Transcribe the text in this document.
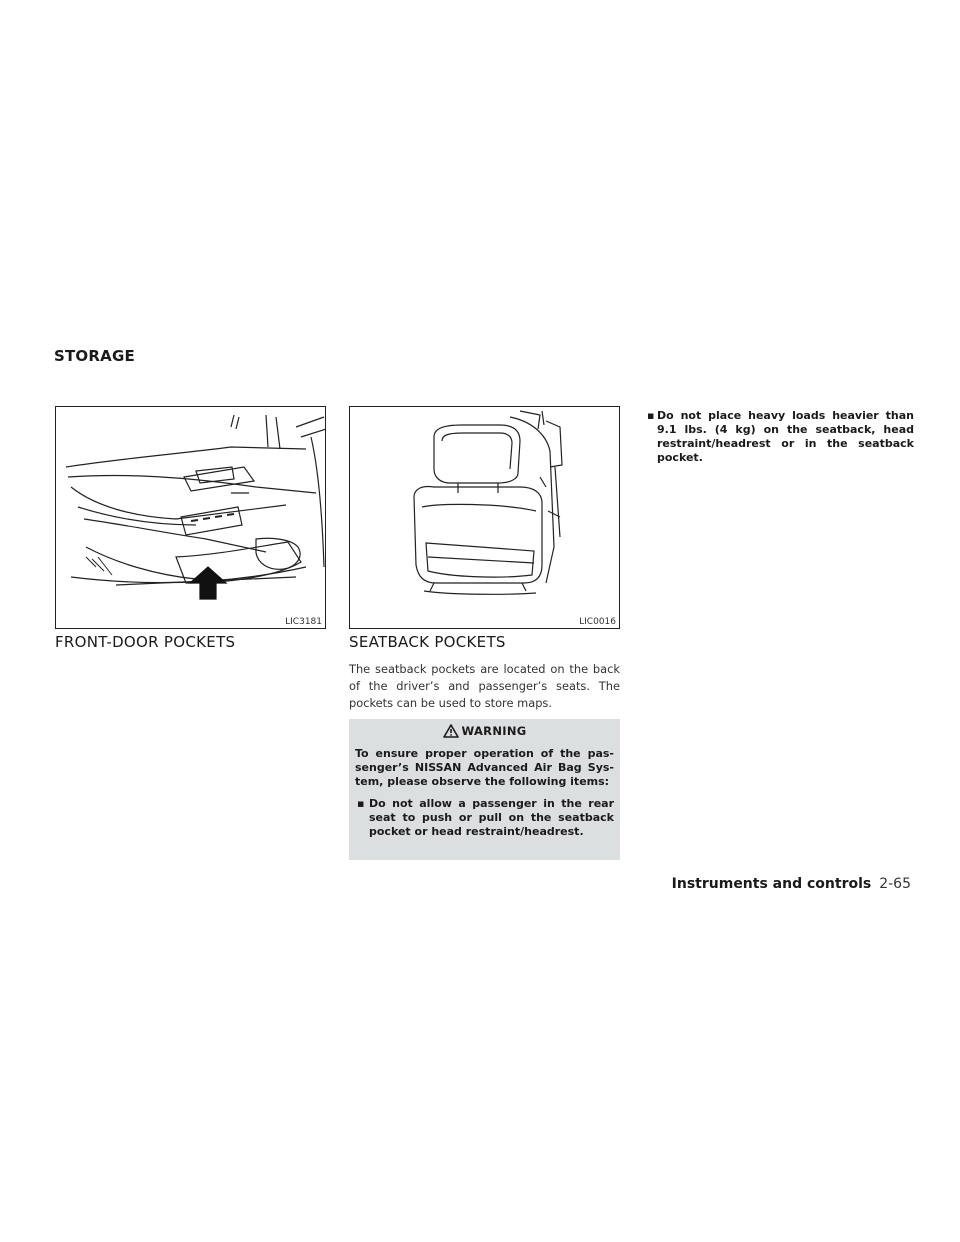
STORAGE
LIC3181	LIC0016
FRONT-DOOR POCKETS	SEATBACK POCKETS

The seatback pockets are located on the back of the driver’s and passenger’s seats. The pockets can be used to store maps.

WARNING

To ensure proper operation of the pas-senger’s NISSAN Advanced Air Bag Sys-tem, please observe the following items:

▪ Do not allow a passenger in the rear seat to push or pull on the seatback pocket or head restraint/headrest.
▪ Do not place heavy loads heavier than 9.1 lbs. (4 kg) on the seatback, head restraint/headrest or in the seatback pocket.
Instruments and controls 2-65
